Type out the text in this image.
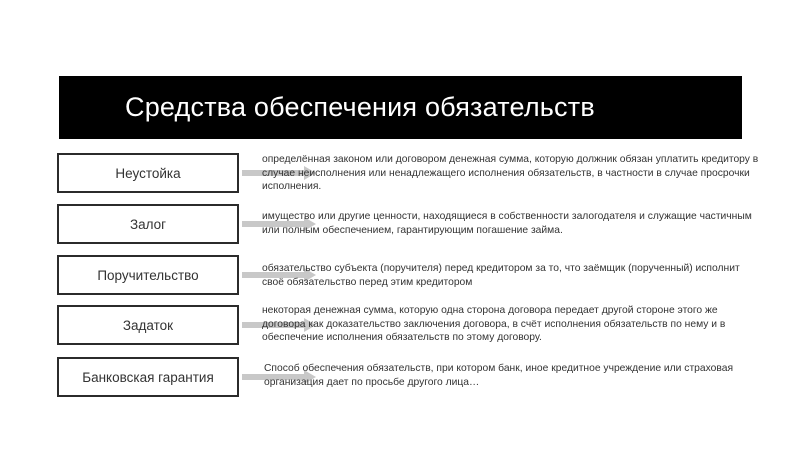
Средства обеспечения обязательств
Неустойка
определённая законом или договором денежная сумма, которую должник обязан уплатить кредитору в случае неисполнения или ненадлежащего исполнения обязательств, в частности в случае просрочки исполнения.
Залог	имущество или другие ценности, находящиеся в собственности залогодателя и служащие частичным или полным обеспечением, гарантирующим погашение займа.
Поручительство	обязательство субъекта (поручителя) перед кредитором за то, что заёмщик (порученный) исполнит своё обязательство перед этим кредитором
Задаток
некоторая денежная сумма, которую одна сторона договора передает другой стороне этого же договора как доказательство заключения договора, в счёт исполнения обязательств по нему и в обеспечение исполнения обязательств по этому договору.
Банковская гарантия
Способ обеспечения обязательств, при котором банк, иное кредитное учреждение или страховая организация дает по просьбе другого лица…
